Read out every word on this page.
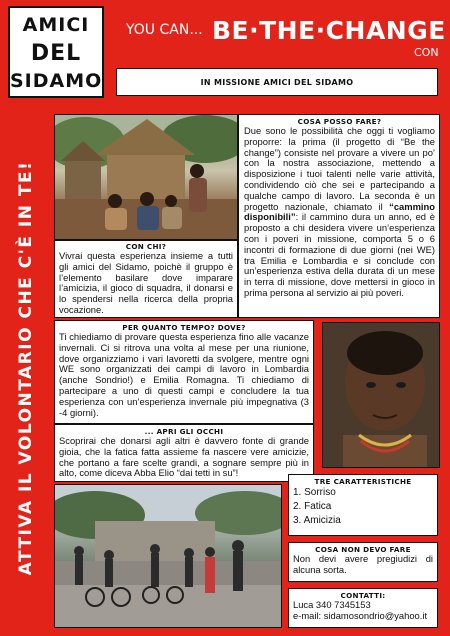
AMICI
DEL
SIDAMO
YOU CAN... BE·THE·CHANGE
CON
IN MISSIONE AMICI DEL SIDAMO
ATTIVA IL VOLONTARIO CHE C'È IN TE!
COSA POSSO FARE?
Due sono le possibilità che oggi ti vogliamo proporre: la prima (il progetto di “Be the change”) consiste nel provare a vivere un po’ con la nostra associazione, mettendo a disposizione i tuoi talenti nelle varie attività, condividendo ciò che sei e partecipando a qualche campo di lavoro. La seconda è un progetto nazionale, chiamato il “cammino disponibili”: il cammino dura un anno, ed è proposto a chi desidera vivere un’esperienza con i poveri in missione, comporta 5 o 6 incontri di formazione di due giorni (nei WE) tra Emilia e Lombardia e si conclude con un’esperienza estiva della durata di un mese in terra di missione, dove mettersi in gioco in prima persona al servizio ai più poveri.
CON CHI?
Vivrai questa esperienza insieme a tutti gli amici del Sidamo, poichè il gruppo è l’elemento basilare dove imparare l’amicizia, il gioco di squadra, il donarsi e lo spendersi nella ricerca della propria vocazione.
PER QUANTO TEMPO? DOVE?
Ti chiediamo di provare questa esperienza fino alle vacanze invernali. Ci si ritrova una volta al mese per una riunione, dove organizziamo i vari lavoretti da svolgere, mentre ogni WE sono organizzati dei campi di lavoro in Lombardia (anche Sondrio!) e Emilia Romagna. Ti chiediamo di partecipare a uno di questi campi e concludere la tua esperienza con un’esperienza invernale più impegnativa (3 -4 giorni).
... APRI GLI OCCHI
Scoprirai che donarsi agli altri è davvero fonte di grande gioia, che la fatica fatta assieme fa nascere vere amicizie, che portano a fare scelte grandi, a sognare sempre più in alto, come diceva Abba Elio “dai tetti in su”!
TRE CARATTERISTICHE
1. Sorriso
2. Fatica
3. Amicizia
COSA NON DEVO FARE
Non devi avere pregiudizi di alcuna sorta.
CONTATTI:
Luca 340 7345153
e-mail: sidamosondrio@yahoo.it
